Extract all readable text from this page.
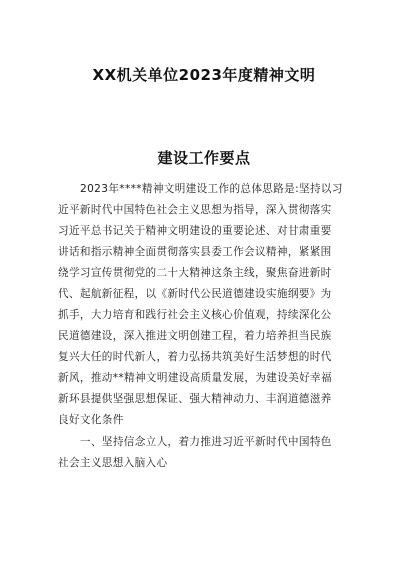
XX机关单位2023年度精神文明
建设工作要点
2023年****精神文明建设工作的总体思路是:坚持以习
近平新时代中国特色社会主义思想为指导，深入贯彻落实
习近平总书记关于精神文明建设的重要论述、对甘肃重要
讲话和指示精神全面贯彻落实县委工作会议精神，紧紧围
绕学习宣传贯彻党的二十大精神这条主线，聚焦奋进新时
代、起航新征程，以《新时代公民道德建设实施纲要》为
抓手，大力培育和践行社会主义核心价值观，持续深化公
民道德建设，深入推进文明创建工程，着力培养担当民族
复兴大任的时代新人，着力弘扬共筑美好生活梦想的时代
新风，推动**精神文明建设高质量发展，为建设美好幸福
新环县提供坚强思想保证、强大精神动力、丰润道德滋养
良好文化条件
一、坚持信念立人，着力推进习近平新时代中国特色
社会主义思想入脑入心
